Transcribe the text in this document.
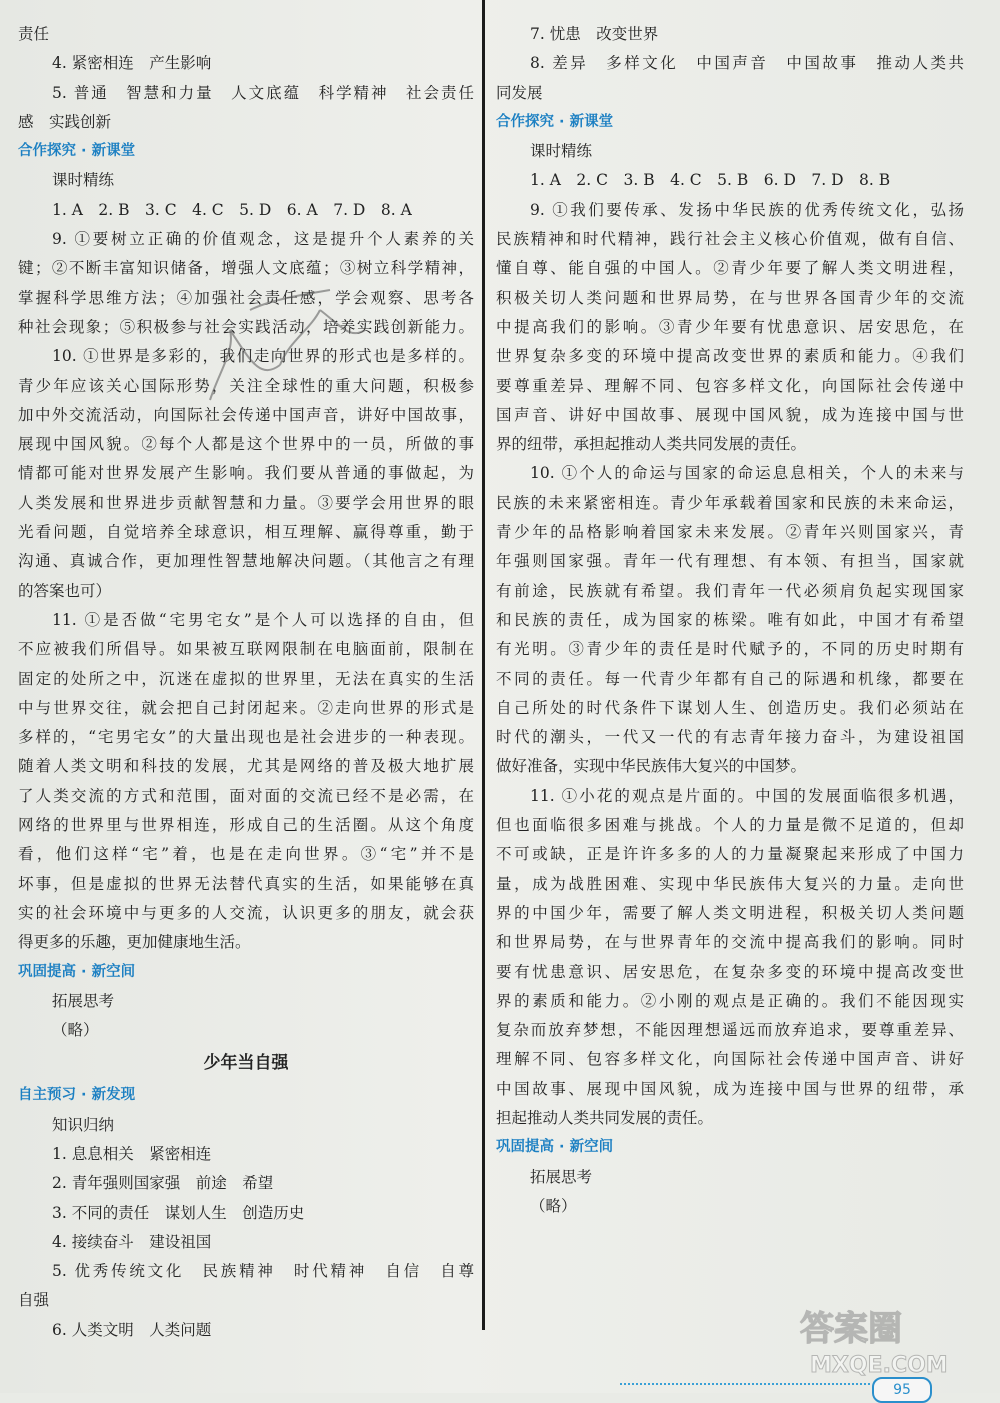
责任
4. 紧密相连　产生影响
5. 普通　智慧和力量　人文底蕴　科学精神　社会责任
感　实践创新
合作探究 · 新课堂
课时精练
1. A　2. B　3. C　4. C　5. D　6. A　7. D　8. A
9. ①要树立正确的价值观念，这是提升个人素养的关
键；②不断丰富知识储备，增强人文底蕴；③树立科学精神，
掌握科学思维方法；④加强社会责任感，学会观察、思考各
种社会现象；⑤积极参与社会实践活动，培养实践创新能力。
10. ①世界是多彩的，我们走向世界的形式也是多样的。
青少年应该关心国际形势，关注全球性的重大问题，积极参
加中外交流活动，向国际社会传递中国声音，讲好中国故事，
展现中国风貌。②每个人都是这个世界中的一员，所做的事
情都可能对世界发展产生影响。我们要从普通的事做起，为
人类发展和世界进步贡献智慧和力量。③要学会用世界的眼
光看问题，自觉培养全球意识，相互理解、赢得尊重，勤于
沟通、真诚合作，更加理性智慧地解决问题。（其他言之有理
的答案也可）
11. ①是否做“宅男宅女”是个人可以选择的自由，但
不应被我们所倡导。如果被互联网限制在电脑面前，限制在
固定的处所之中，沉迷在虚拟的世界里，无法在真实的生活
中与世界交往，就会把自己封闭起来。②走向世界的形式是
多样的，“宅男宅女”的大量出现也是社会进步的一种表现。
随着人类文明和科技的发展，尤其是网络的普及极大地扩展
了人类交流的方式和范围，面对面的交流已经不是必需，在
网络的世界里与世界相连，形成自己的生活圈。从这个角度
看，他们这样“宅”着，也是在走向世界。③“宅”并不是
坏事，但是虚拟的世界无法替代真实的生活，如果能够在真
实的社会环境中与更多的人交流，认识更多的朋友，就会获
得更多的乐趣，更加健康地生活。
巩固提高 · 新空间
拓展思考
（略）
少年当自强
自主预习 · 新发现
知识归纳
1. 息息相关　紧密相连
2. 青年强则国家强　前途　希望
3. 不同的责任　谋划人生　创造历史
4. 接续奋斗　建设祖国
5. 优秀传统文化　民族精神　时代精神　自信　自尊
自强
6. 人类文明　人类问题
7. 忧患　改变世界
8. 差异　多样文化　中国声音　中国故事　推动人类共
同发展
合作探究 · 新课堂
课时精练
1. A　2. C　3. B　4. C　5. B　6. D　7. D　8. B
9. ①我们要传承、发扬中华民族的优秀传统文化，弘扬
民族精神和时代精神，践行社会主义核心价值观，做有自信、
懂自尊、能自强的中国人。②青少年要了解人类文明进程，
积极关切人类问题和世界局势，在与世界各国青少年的交流
中提高我们的影响。③青少年要有忧患意识、居安思危，在
世界复杂多变的环境中提高改变世界的素质和能力。④我们
要尊重差异、理解不同、包容多样文化，向国际社会传递中
国声音、讲好中国故事、展现中国风貌，成为连接中国与世
界的纽带，承担起推动人类共同发展的责任。
10. ①个人的命运与国家的命运息息相关，个人的未来与
民族的未来紧密相连。青少年承载着国家和民族的未来命运，
青少年的品格影响着国家未来发展。②青年兴则国家兴，青
年强则国家强。青年一代有理想、有本领、有担当，国家就
有前途，民族就有希望。我们青年一代必须肩负起实现国家
和民族的责任，成为国家的栋梁。唯有如此，中国才有希望
有光明。③青少年的责任是时代赋予的，不同的历史时期有
不同的责任。每一代青少年都有自己的际遇和机缘，都要在
自己所处的时代条件下谋划人生、创造历史。我们必须站在
时代的潮头，一代又一代的有志青年接力奋斗，为建设祖国
做好准备，实现中华民族伟大复兴的中国梦。
11. ①小花的观点是片面的。中国的发展面临很多机遇，
但也面临很多困难与挑战。个人的力量是微不足道的，但却
不可或缺，正是许许多多的人的力量凝聚起来形成了中国力
量，成为战胜困难、实现中华民族伟大复兴的力量。走向世
界的中国少年，需要了解人类文明进程，积极关切人类问题
和世界局势，在与世界青年的交流中提高我们的影响。同时
要有忧患意识、居安思危，在复杂多变的环境中提高改变世
界的素质和能力。②小刚的观点是正确的。我们不能因现实
复杂而放弃梦想，不能因理想遥远而放弃追求，要尊重差异、
理解不同、包容多样文化，向国际社会传递中国声音、讲好
中国故事、展现中国风貌，成为连接中国与世界的纽带，承
担起推动人类共同发展的责任。
巩固提高 · 新空间
拓展思考
（略）
95
答案圈
MXQE.COM
